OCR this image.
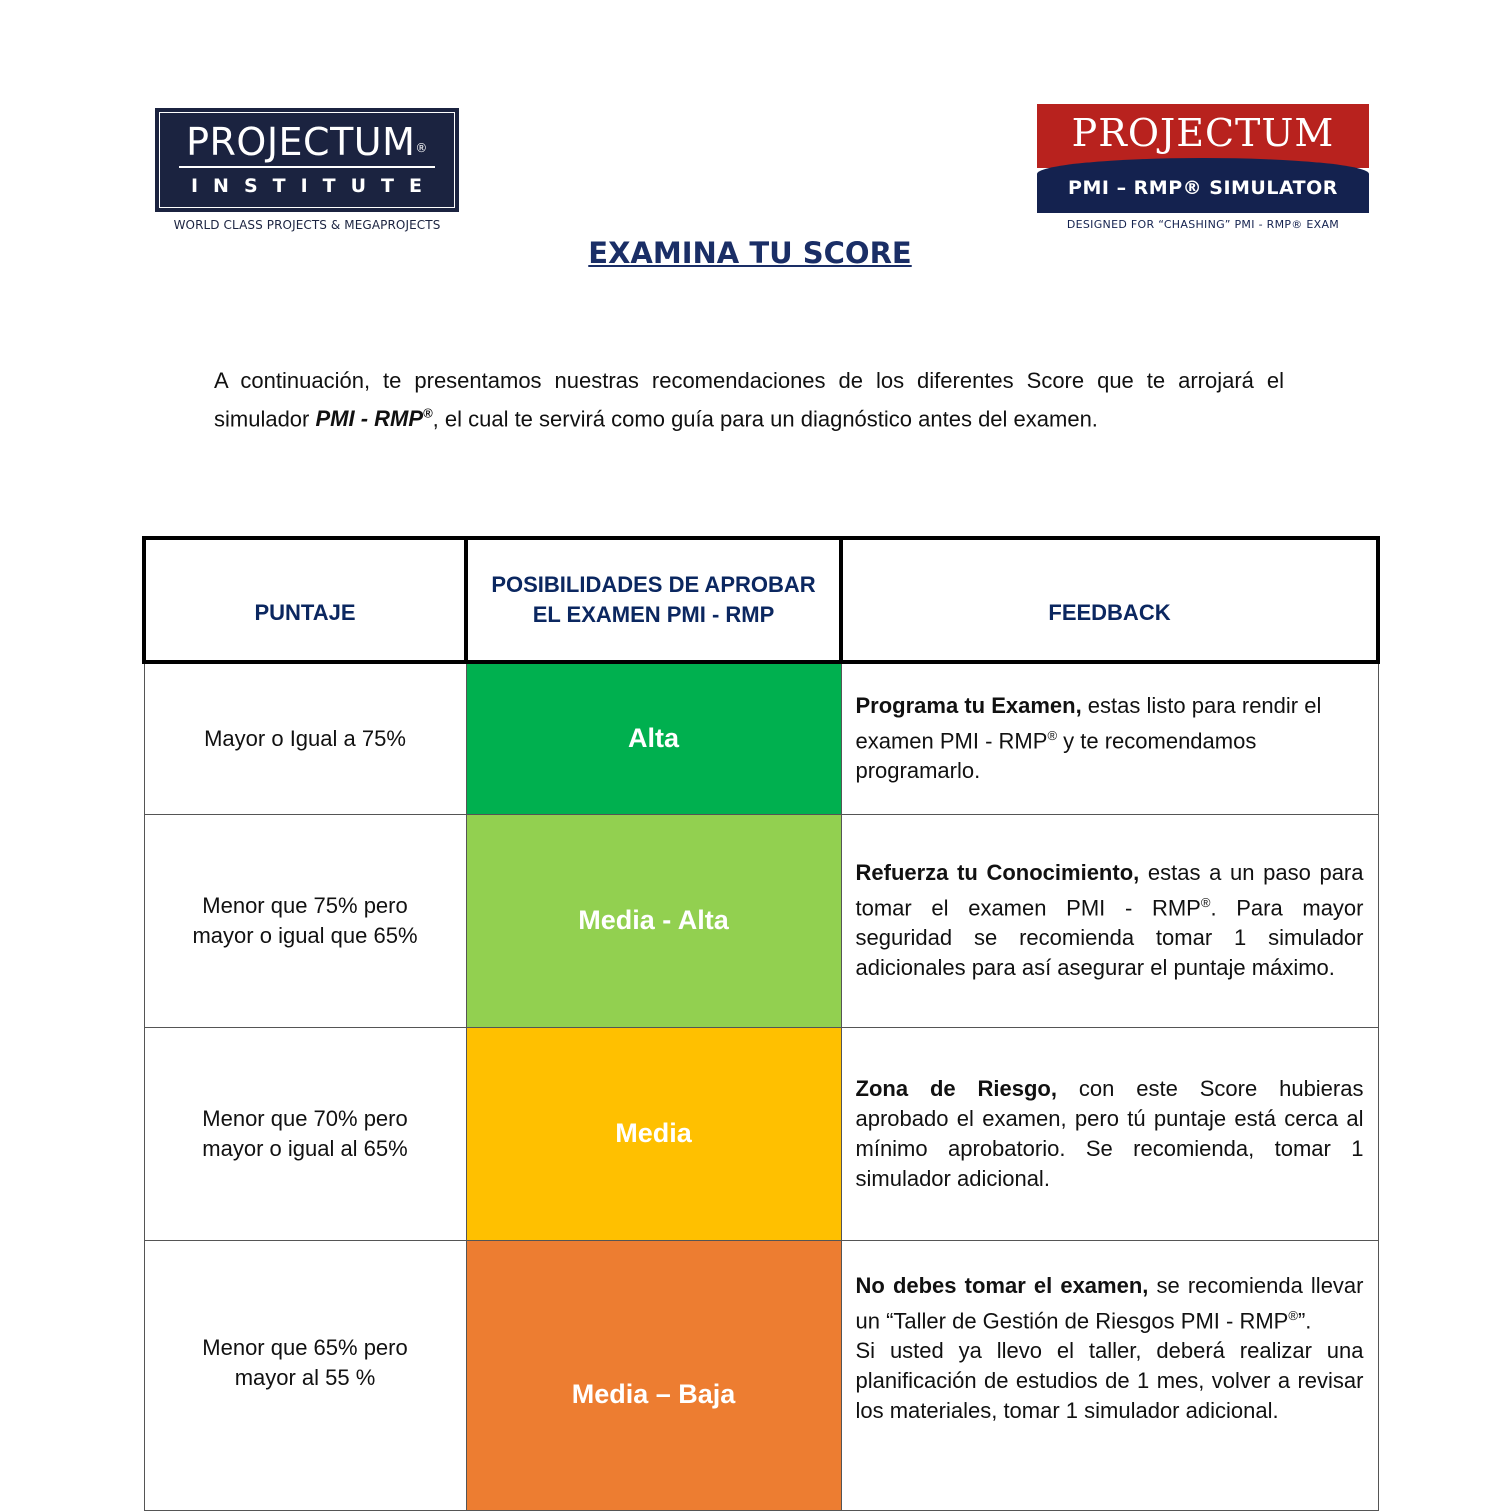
PROJECTUM®
INSTITUTE
WORLD CLASS PROJECTS & MEGAPROJECTS
PROJECTUM
PMI – RMP® SIMULATOR
DESIGNED FOR “CHASHING” PMI - RMP® EXAM
EXAMINA TU SCORE
A continuación, te presentamos nuestras recomendaciones de los diferentes Score que te arrojará el simulador PMI - RMP®, el cual te servirá como guía para un diagnóstico antes del examen.
PUNTAJE	POSIBILIDADES DE APROBAR EL EXAMEN PMI - RMP	FEEDBACK
Mayor o Igual a 75%	Alta	Programa tu Examen, estas listo para rendir el examen PMI - RMP® y te recomendamos programarlo.

Menor que 75% pero mayor o igual que 65%	Media - Alta	Refuerza tu Conocimiento, estas a un paso para tomar el examen PMI - RMP®. Para mayor seguridad se recomienda tomar 1 simulador adicionales para así asegurar el puntaje máximo.

Menor que 70% pero mayor o igual al 65%	Media	Zona de Riesgo, con este Score hubieras aprobado el examen, pero tú puntaje está cerca al mínimo aprobatorio. Se recomienda, tomar 1 simulador adicional.

Menor que 65% pero mayor al 55 %	Media – Baja	No debes tomar el examen, se recomienda llevar un “Taller de Gestión de Riesgos PMI - RMP®”.
Si usted ya llevo el taller, deberá realizar una planificación de estudios de 1 mes, volver a revisar los materiales, tomar 1 simulador adicional.
